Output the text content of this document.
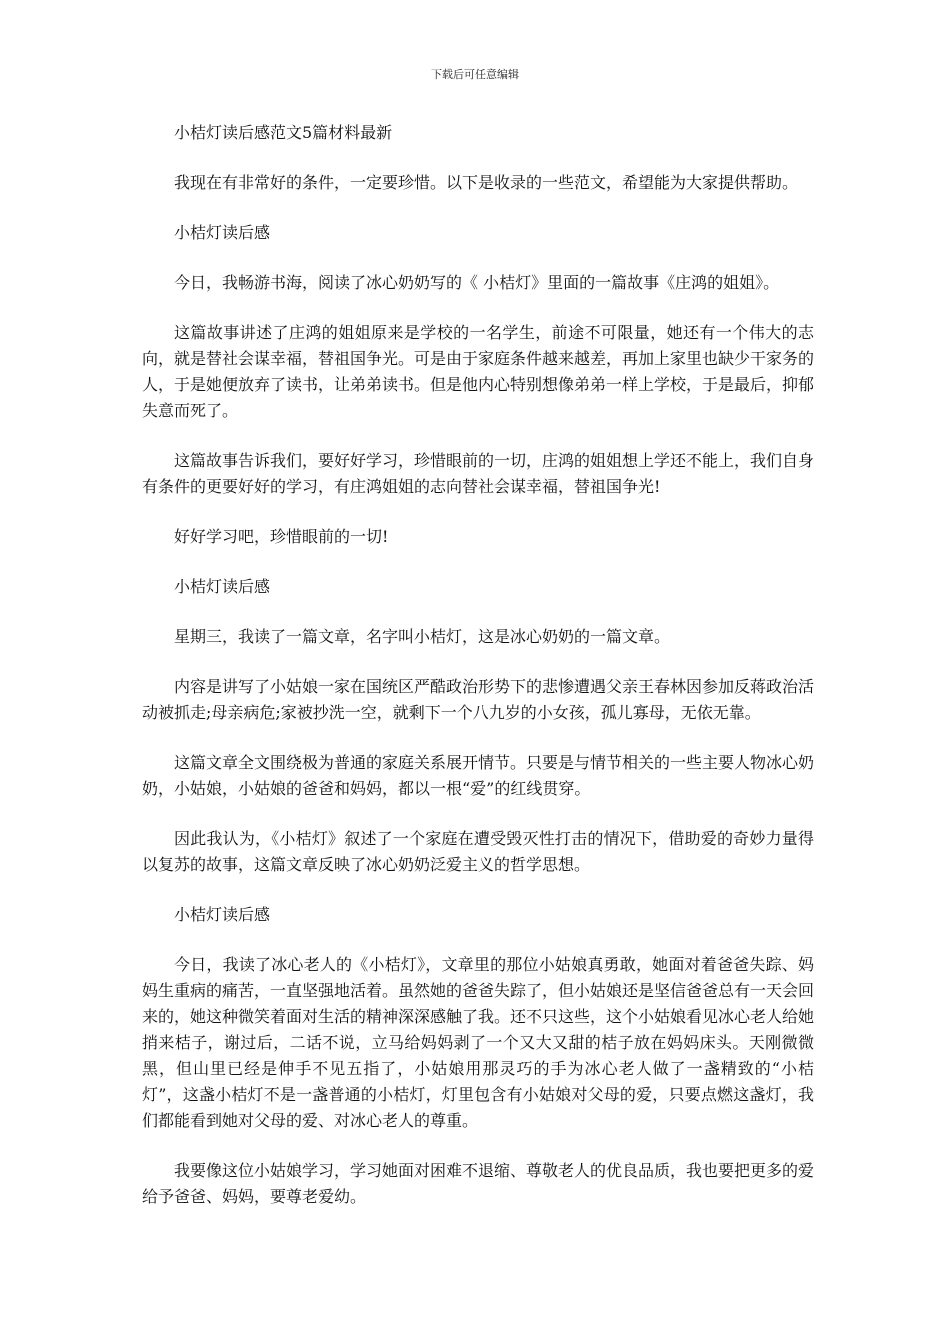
下载后可任意编辑

小桔灯读后感范文5篇材料最新

我现在有非常好的条件，一定要珍惜。以下是收录的一些范文，希望能为大家提供帮助。

小桔灯读后感

今日，我畅游书海，阅读了冰心奶奶写的《 小桔灯》里面的一篇故事《庄鸿的姐姐》。

这篇故事讲述了庄鸿的姐姐原来是学校的一名学生，前途不可限量，她还有一个伟大的志向，就是替社会谋幸福，替祖国争光。可是由于家庭条件越来越差，再加上家里也缺少干家务的人，于是她便放弃了读书，让弟弟读书。但是他内心特别想像弟弟一样上学校，于是最后，抑郁失意而死了。

这篇故事告诉我们，要好好学习，珍惜眼前的一切，庄鸿的姐姐想上学还不能上，我们自身有条件的更要好好的学习，有庄鸿姐姐的志向替社会谋幸福，替祖国争光!

好好学习吧，珍惜眼前的一切!

小桔灯读后感

星期三，我读了一篇文章，名字叫小桔灯，这是冰心奶奶的一篇文章。

内容是讲写了小姑娘一家在国统区严酷政治形势下的悲惨遭遇父亲王春林因参加反蒋政治活动被抓走;母亲病危;家被抄洗一空，就剩下一个八九岁的小女孩，孤儿寡母，无依无靠。

这篇文章全文围绕极为普通的家庭关系展开情节。只要是与情节相关的一些主要人物冰心奶奶，小姑娘，小姑娘的爸爸和妈妈，都以一根“爱”的红线贯穿。

因此我认为，《小桔灯》叙述了一个家庭在遭受毁灭性打击的情况下，借助爱的奇妙力量得以复苏的故事，这篇文章反映了冰心奶奶泛爱主义的哲学思想。

小桔灯读后感

今日，我读了冰心老人的《小桔灯》，文章里的那位小姑娘真勇敢，她面对着爸爸失踪、妈妈生重病的痛苦，一直坚强地活着。虽然她的爸爸失踪了，但小姑娘还是坚信爸爸总有一天会回来的，她这种微笑着面对生活的精神深深感触了我。还不只这些，这个小姑娘看见冰心老人给她捎来桔子，谢过后，二话不说，立马给妈妈剥了一个又大又甜的桔子放在妈妈床头。天刚微微黑，但山里已经是伸手不见五指了，小姑娘用那灵巧的手为冰心老人做了一盏精致的“小桔灯”，这盏小桔灯不是一盏普通的小桔灯，灯里包含有小姑娘对父母的爱，只要点燃这盏灯，我们都能看到她对父母的爱、对冰心老人的尊重。

我要像这位小姑娘学习，学习她面对困难不退缩、尊敬老人的优良品质，我也要把更多的爱给予爸爸、妈妈，要尊老爱幼。
